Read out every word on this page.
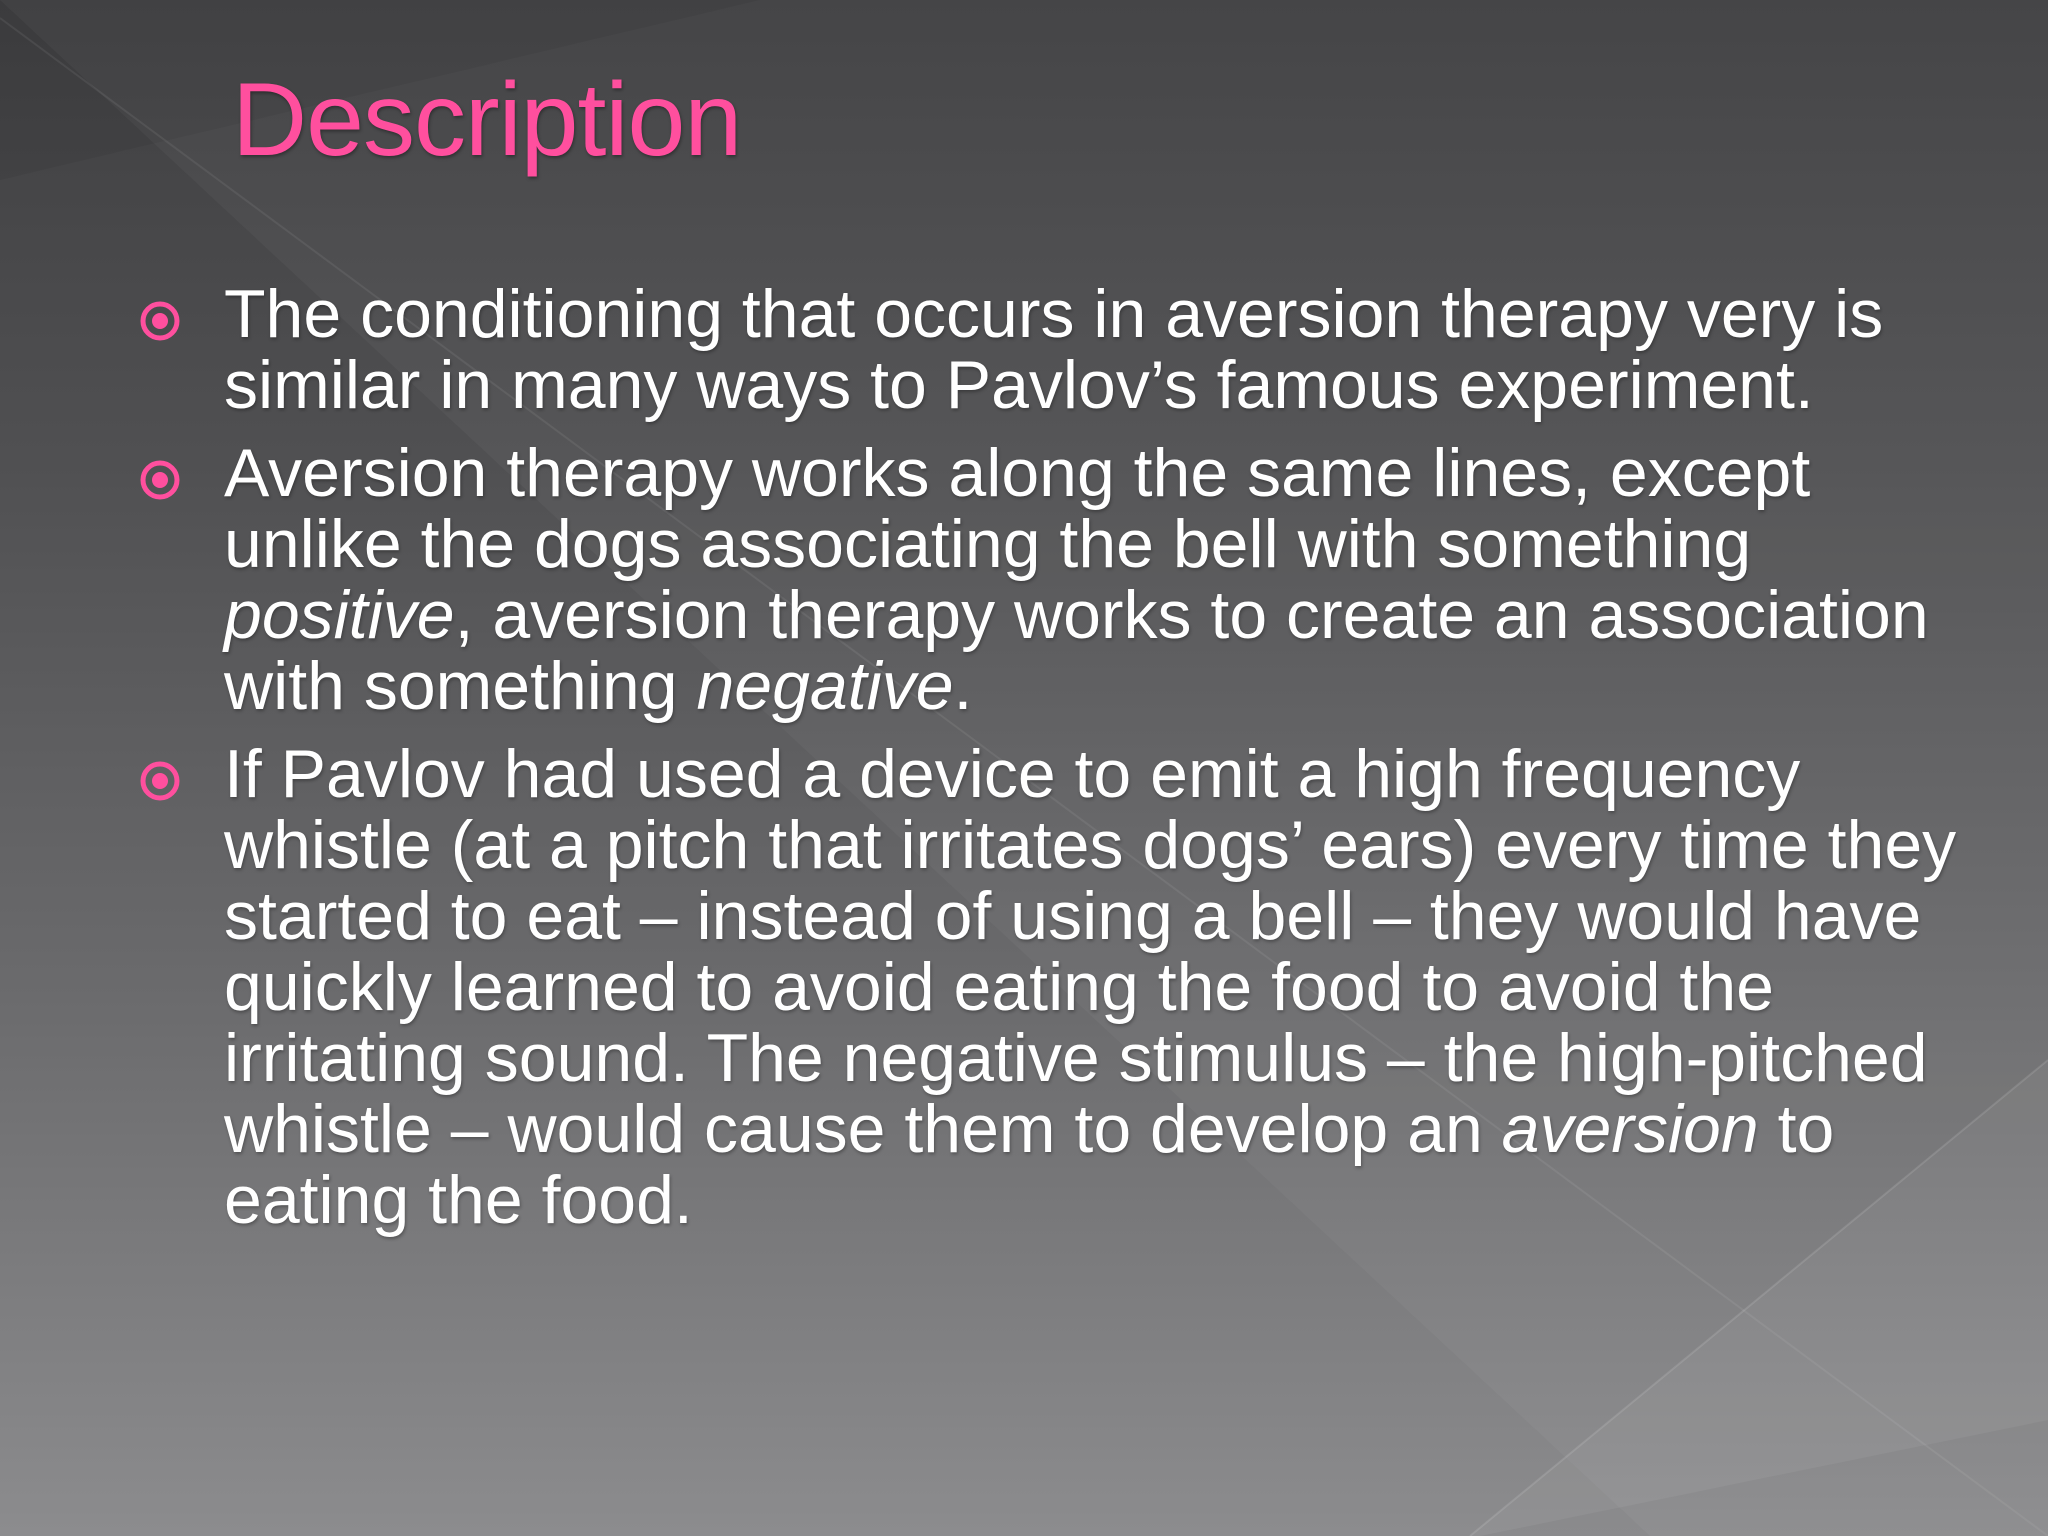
Description
The conditioning that occurs in aversion therapy very is similar in many ways to Pavlov’s famous experiment.
Aversion therapy works along the same lines, except unlike the dogs associating the bell with something positive, aversion therapy works to create an association with something negative.
If Pavlov had used a device to emit a high frequency whistle (at a pitch that irritates dogs’ ears) every time they started to eat – instead of using a bell – they would have quickly learned to avoid eating the food to avoid the irritating sound. The negative stimulus – the high-pitched whistle – would cause them to develop an aversion to eating the food.
